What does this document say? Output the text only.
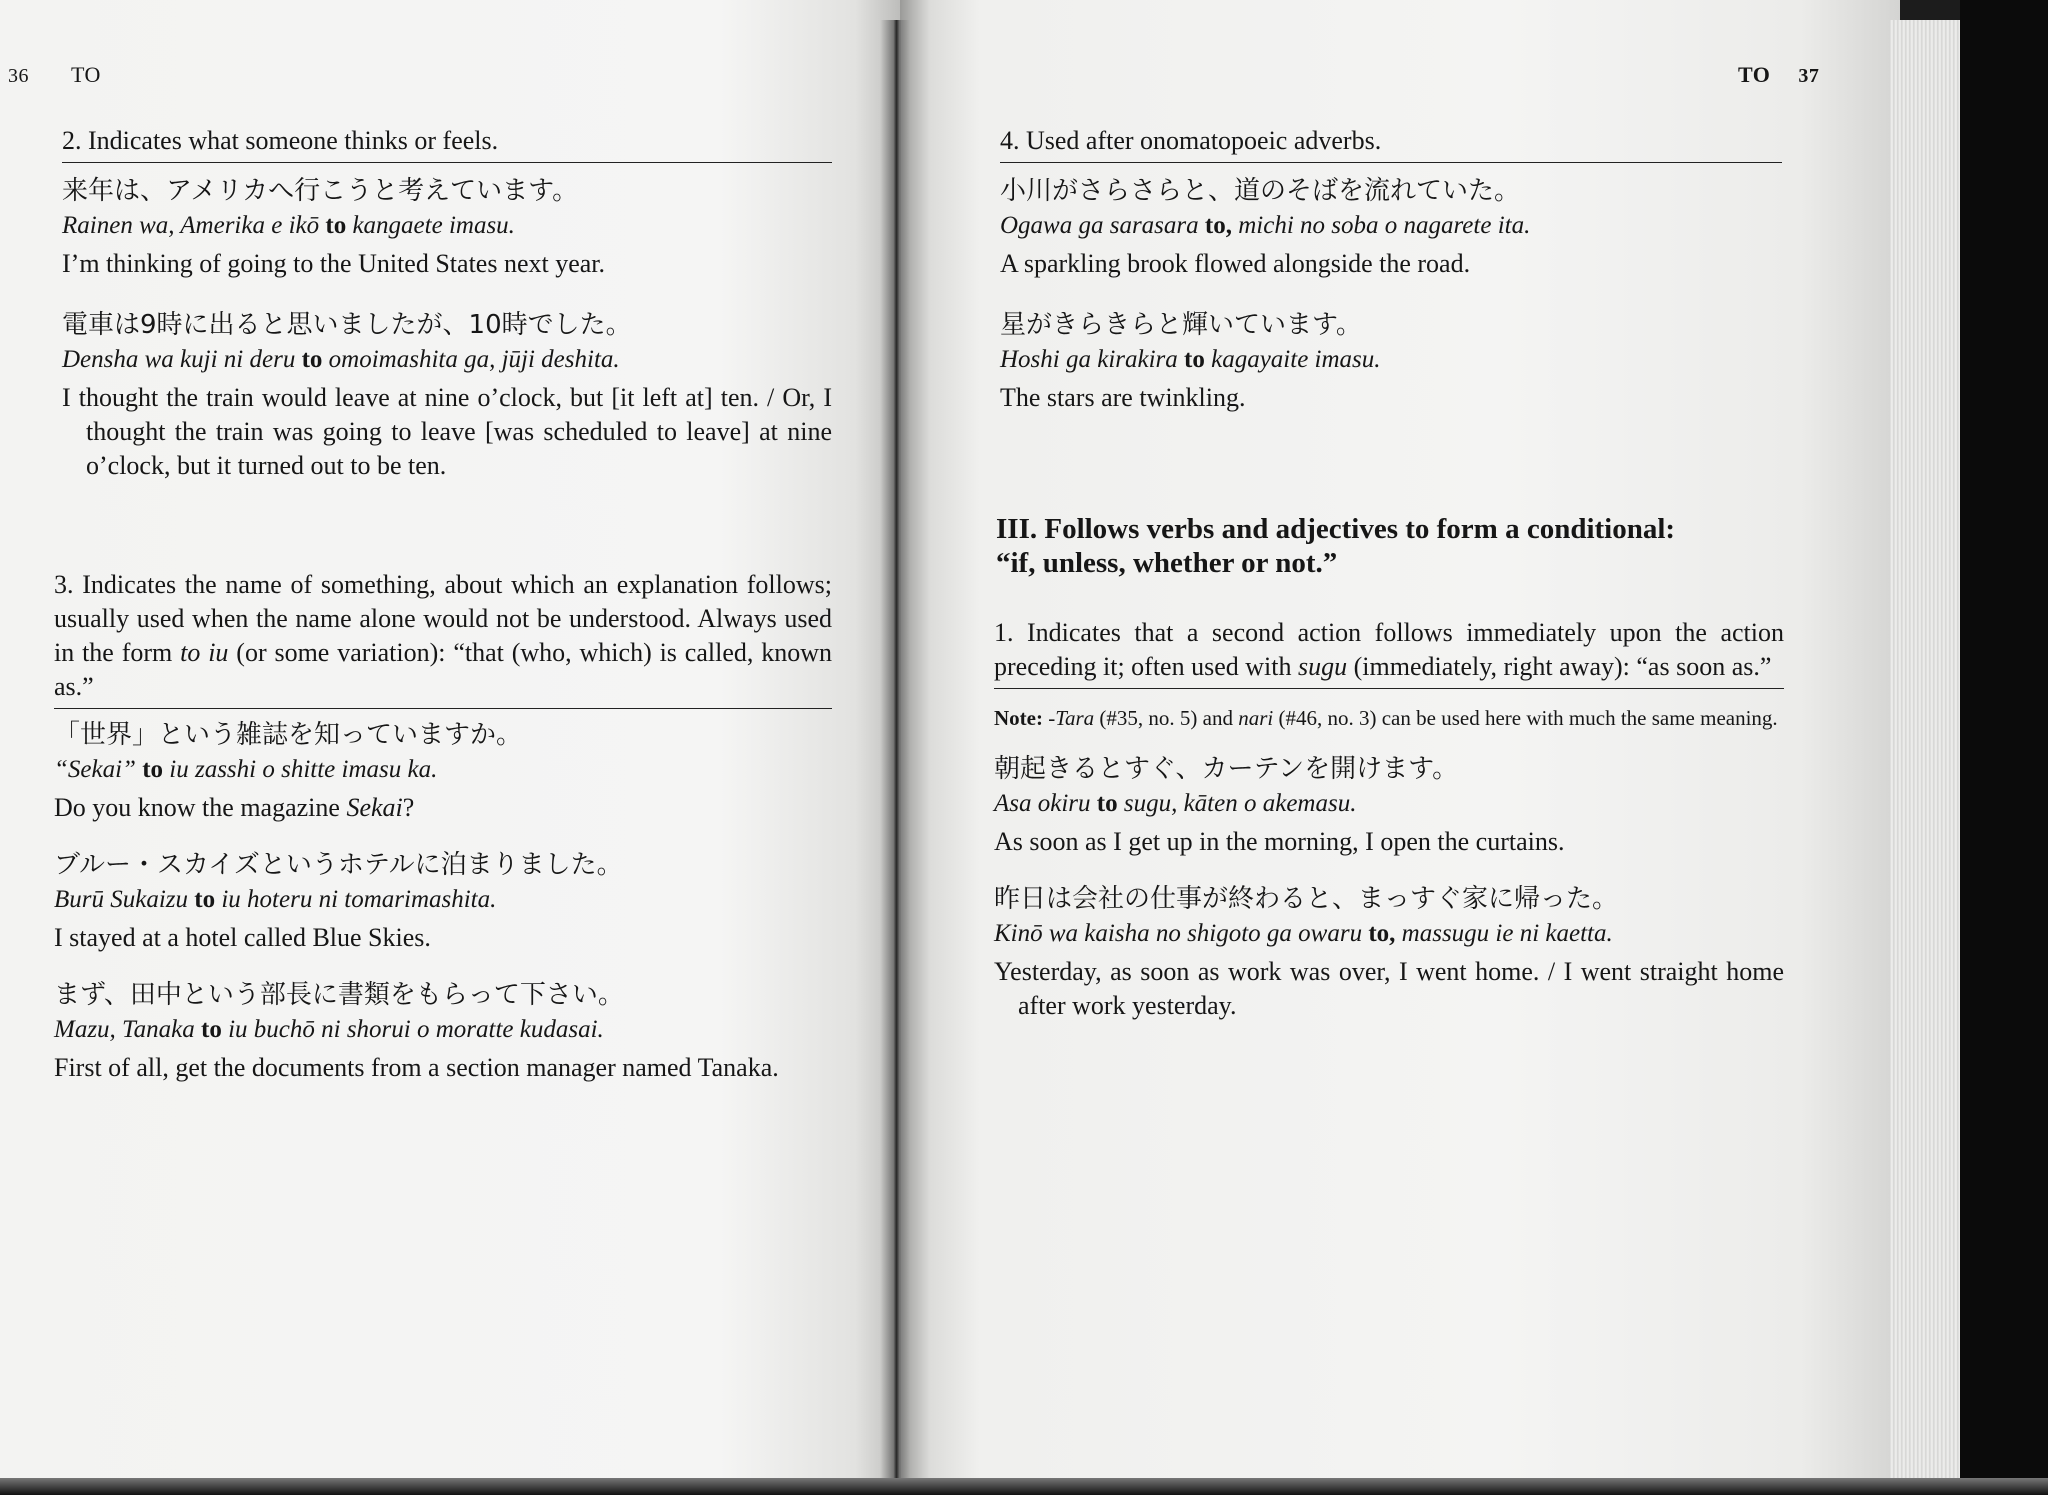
36 TO
2. Indicates what someone thinks or feels.
来年は、アメリカへ行こうと考えています。
Rainen wa, Amerika e ikō to kangaete imasu.
I’m thinking of going to the United States next year.
電車は9時に出ると思いましたが、10時でした。
Densha wa kuji ni deru to omoimashita ga, jūji deshita.
I thought the train would leave at nine o’clock, but [it left at] ten. / Or, I thought the train was going to leave [was scheduled to leave] at nine o’clock, but it turned out to be ten.
3. Indicates the name of something, about which an explanation follows; usually used when the name alone would not be understood. Always used in the form to iu (or some variation): “that (who, which) is called, known as.”
「世界」という雑誌を知っていますか。
“Sekai” to iu zasshi o shitte imasu ka.
Do you know the magazine Sekai?
ブルー・スカイズというホテルに泊まりました。
Burū Sukaizu to iu hoteru ni tomarimashita.
I stayed at a hotel called Blue Skies.
まず、田中という部長に書類をもらって下さい。
Mazu, Tanaka to iu buchō ni shorui o moratte kudasai.
First of all, get the documents from a section manager named Tanaka.
TO 37
4. Used after onomatopoeic adverbs.
小川がさらさらと、道のそばを流れていた。
Ogawa ga sarasara to, michi no soba o nagarete ita.
A sparkling brook flowed alongside the road.
星がきらきらと輝いています。
Hoshi ga kirakira to kagayaite imasu.
The stars are twinkling.
III. Follows verbs and adjectives to form a conditional:
“if, unless, whether or not.”
1. Indicates that a second action follows immediately upon the action preceding it; often used with sugu (immediately, right away): “as soon as.”
Note: -Tara (#35, no. 5) and nari (#46, no. 3) can be used here with much the same meaning.
朝起きるとすぐ、カーテンを開けます。
Asa okiru to sugu, kāten o akemasu.
As soon as I get up in the morning, I open the curtains.
昨日は会社の仕事が終わると、まっすぐ家に帰った。
Kinō wa kaisha no shigoto ga owaru to, massugu ie ni kaetta.
Yesterday, as soon as work was over, I went home. / I went straight home after work yesterday.
